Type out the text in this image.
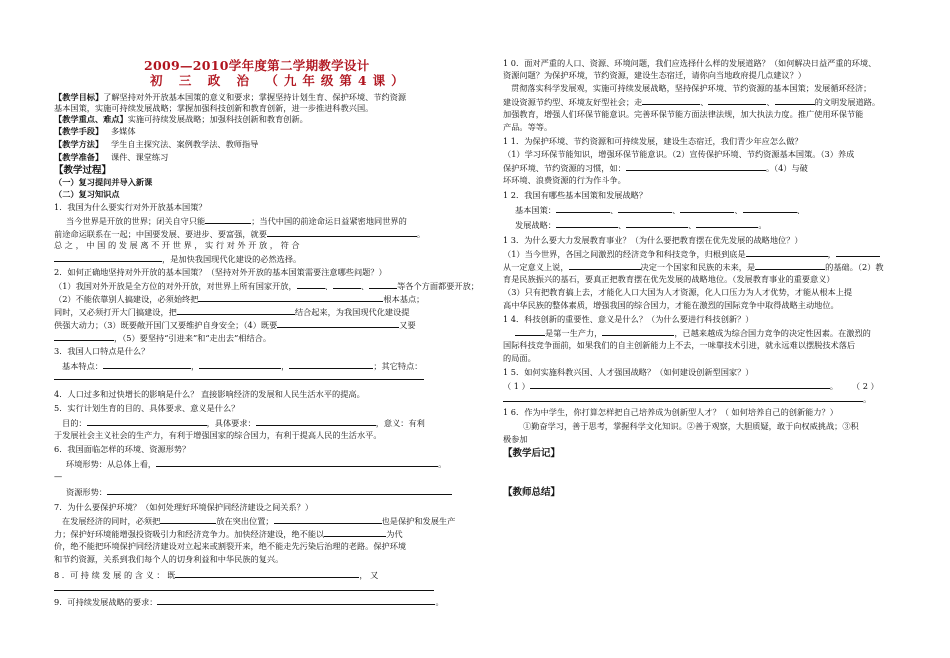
2009—2010学年度第二学期教学设计
初 三 政 治 （九年级第4课）
【教学目标】了解坚持对外开放基本国策的意义和要求；掌握坚持计划生育、保护环境、节约资源
基本国策，实施可持续发展战略；掌握加强科技创新和教育创新，进一步推进科教兴国。
【教学重点、难点】实施可持续发展战略；加强科技创新和教育创新。
【教学手段】 多媒体
【教学方法】 学生自主探究法、案例教学法、教师指导
【教学准备】 课件、课堂练习
【教学过程】
（一）复习提问并导入新课
（二）复习知识点
1．我国为什么要实行对外开放基本国策？
当今世界是开放的世界；闭关自守只能	；当代中国的前途命运日益紧密地同世界的
前途命运联系在一起；中国要发展、要进步、要富强，就要	。
总 之 ， 中 国 的 发 展 离 不 开 世 界 ， 实 行 对 外 开 放 ， 符 合
，是加快我国现代化建设的必然选择。
2．如何正确地坚持对外开放的基本国策？（坚持对外开放的基本国策需要注意哪些问题？）
（1）我国对外开放是全方位的对外开放，对世界上所有国家开放，	、	、	等各个方面都要开放；
（2）不能依靠别人搞建设，必须始终把	根本基点；
同时，又必须打开大门搞建设，把	结合起来，为我国现代化建设提
供强大动力；（3）既要敞开国门又要维护自身安全；（4）既要	又要
，（5）要坚持“引进来”和“走出去”相结合。
3．我国人口特点是什么？
基本特点：	，	，	；其它特点：
4．人口过多和过快增长的影响是什么？ 直接影响经济的发展和人民生活水平的提高。
5．实行计划生育的目的、具体要求、意义是什么？
目的：	，具体要求：	，意义：有利
于发展社会主义社会的生产力，有利于增强国家的综合国力，有利于提高人民的生活水平。
6．我国面临怎样的环境、资源形势？
环境形势：从总体上看，	。
—
资源形势：
7．为什么要保护环境？（如何处理好环境保护同经济建设之间关系？）
在发展经济的同时，必须把	放在突出位置；	也是保护和发展生产
力；保护好环境能增强投资吸引力和经济竞争力。加快经济建设，绝不能以	为代
价，绝不能把环境保护同经济建设对立起来或割裂开来，绝不能走先污染后治理的老路。保护环境
和节约资源，关系到我们每个人的切身利益和中华民族的复兴。
8 ．可 持 续 发 展 的 含 义 ： 既	， 又
9．可持续发展战略的要求：	。
1 0．面对严重的人口、资源、环境问题，我们应选择什么样的发展道路？（如何解决日益严重的环境、
资源问题？为保护环境，节约资源，建设生态宿迁，请你向当地政府提几点建议？）
贯彻落实科学发展观，实施可持续发展战略，坚持保护环境、节约资源的基本国策；发展循环经济；
建设资源节约型、环境友好型社会；走	、	、	的文明发展道路。
加强教育，增强人们环保节能意识。完善环保节能方面法律法规，加大执法力度。推广使用环保节能
产品。等等。
1 1．为保护环境、节约资源和可持续发展，建设生态宿迁，我们青少年应怎么做？
（1）学习环保节能知识，增强环保节能意识。（2）宣传保护环境、节约资源基本国策。（3）养成
保护环境、节约资源的习惯，如：	。（4）与破
坏环境、浪费资源的行为作斗争。
1 2．我国有哪些基本国策和发展战略？
基本国策：	、	、	、	、
发展战略：	、	、	。
1 3．为什么要大力发展教育事业？（为什么要把教育摆在优先发展的战略地位？）
（1）当今世界，各国之间激烈的经济竞争和科技竞争，归根到底是	，
从一定意义上说，	决定一个国家和民族的未来，是	的基础。（2）教
育是民族振兴的基石，要真正把教育摆在优先发展的战略地位。（发展教育事业的重要意义）
（3）只有把教育搞上去，才能化人口大国为人才资源，化人口压力为人才优势，才能从根本上提
高中华民族的整体素质，增强我国的综合国力，才能在激烈的国际竞争中取得战略主动地位。
1 4．科技创新的重要性、意义是什么？（为什么要进行科技创新？）
是第一生产力，	，已越来越成为综合国力竞争的决定性因素。在激烈的
国际科技竞争面前，如果我们的自主创新能力上不去，一味靠技术引进，就永远难以摆脱技术落后
的局面。
1 5．如何实施科教兴国、人才强国战略？（如何建设创新型国家？）
（ 1 ）	。 （ 2 ）
。
1 6．作为中学生，你打算怎样把自己培养成为创新型人才？（ 如何培养自己的创新能力？）
①勤奋学习，善于思考，掌握科学文化知识。②善于观察，大胆质疑，敢于向权威挑战；③积
极参加
【教学后记】
【教师总结】
